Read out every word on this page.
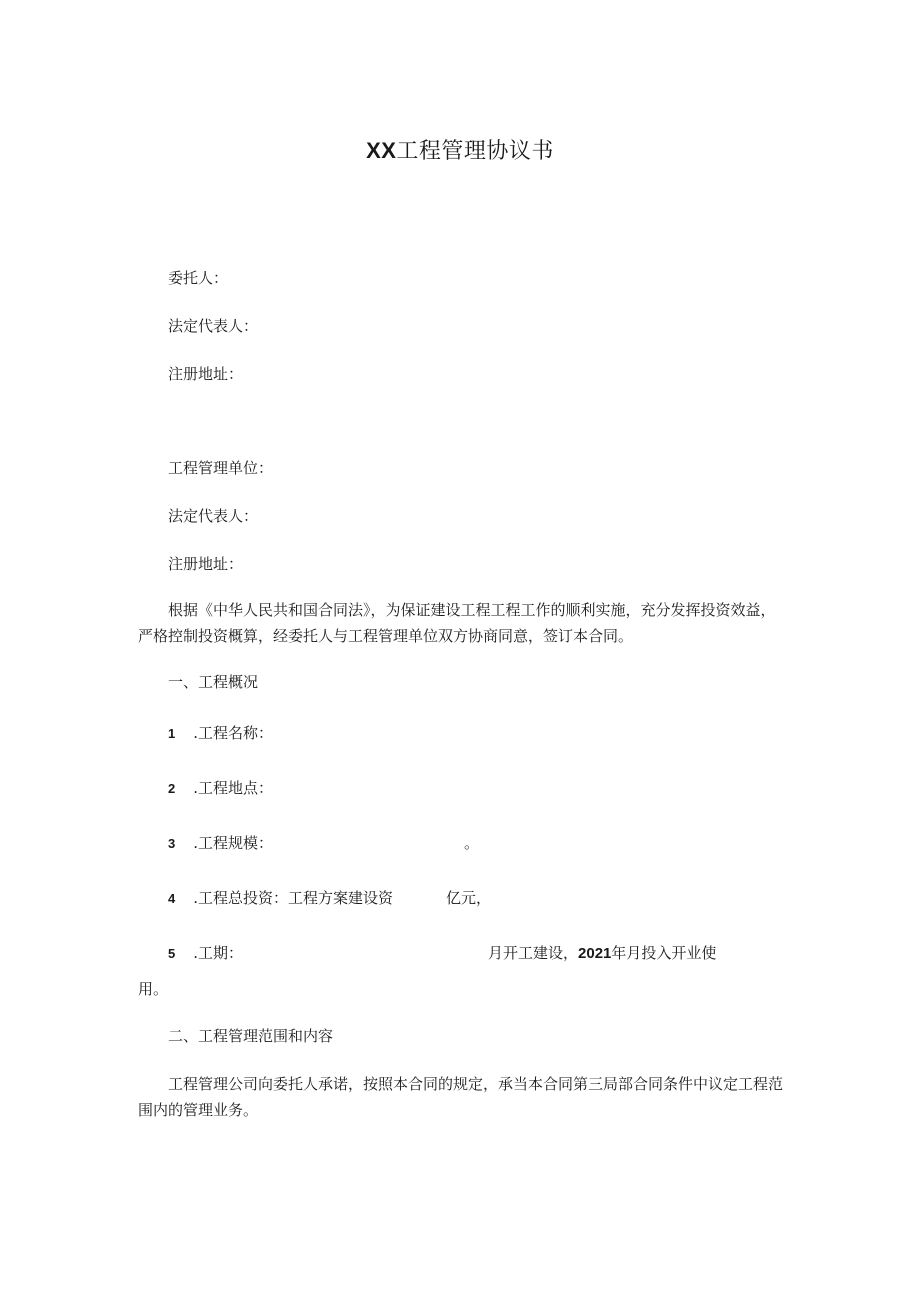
XX工程管理协议书
委托人：
法定代表人：
注册地址：
工程管理单位：
法定代表人：
注册地址：
根据《中华人民共和国合同法》，为保证建设工程工程工作的顺利实施，充分发挥投资效益，严格控制投资概算，经委托人与工程管理单位双方协商同意，签订本合同。
一、工程概况
1 .工程名称：
2 .工程地点：
3 .工程规模：	。
4 .工程总投资：工程方案建设资	亿元，
5 .工期：	月开工建设，2021年月投入开业使
用。
二、工程管理范围和内容
工程管理公司向委托人承诺，按照本合同的规定，承当本合同第三局部合同条件中议定工程范围内的管理业务。
